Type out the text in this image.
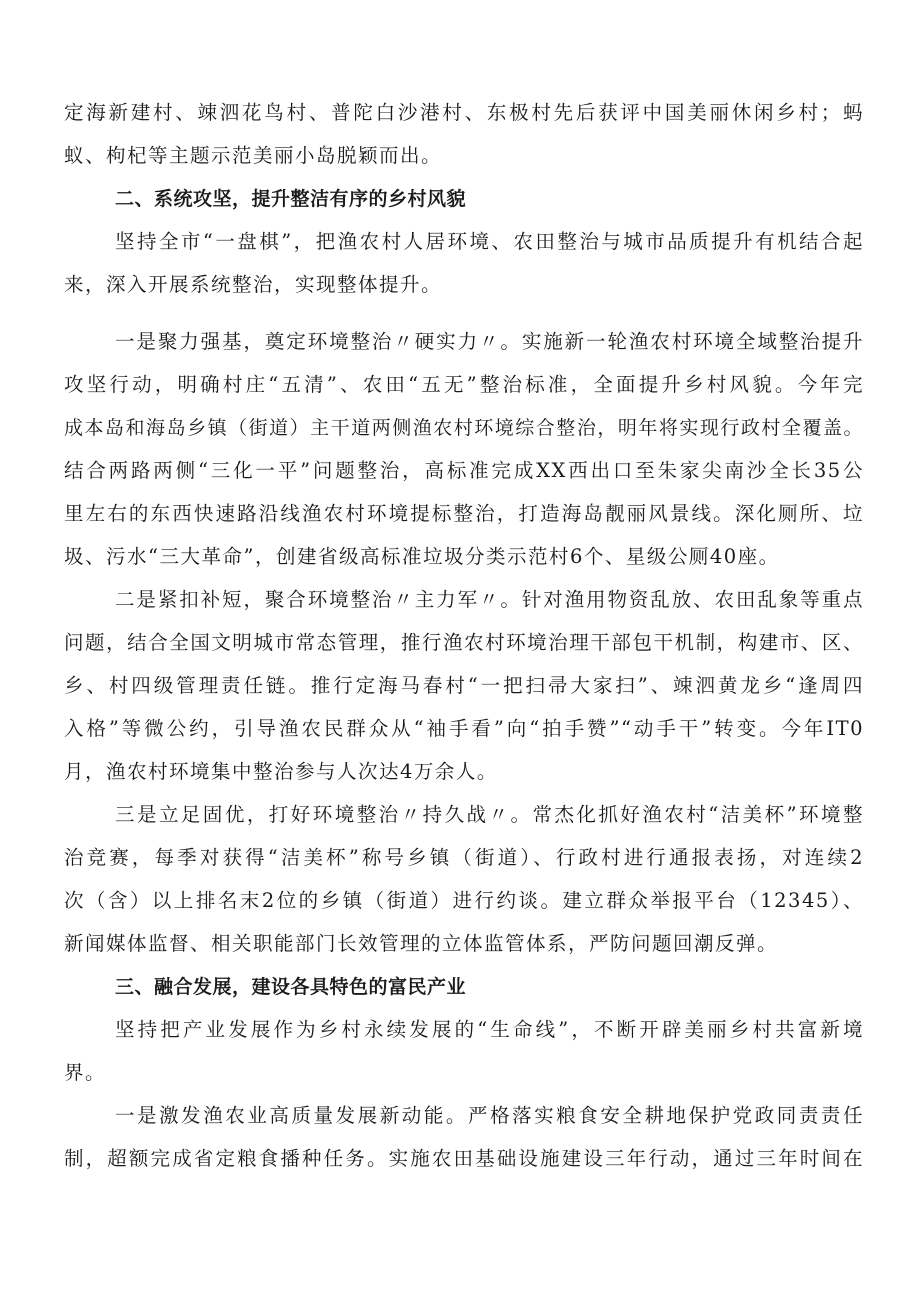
定海新建村、竦泗花鸟村、普陀白沙港村、东极村先后获评中国美丽休闲乡村；蚂
蚁、枸杞等主题示范美丽小岛脱颖而出。
二、系统攻坚，提升整洁有序的乡村风貌
坚持全市“一盘棋”，把渔农村人居环境、农田整治与城市品质提升有机结合起
来，深入开展系统整治，实现整体提升。
一是聚力强基，奠定环境整治〃硬实力〃。实施新一轮渔农村环境全域整治提升
攻坚行动，明确村庄“五清”、农田“五无”整治标准，全面提升乡村风貌。今年完
成本岛和海岛乡镇（街道）主干道两侧渔农村环境综合整治，明年将实现行政村全覆盖。
结合两路两侧“三化一平”问题整治，高标准完成XX西出口至朱家尖南沙全长35公
里左右的东西快速路沿线渔农村环境提标整治，打造海岛靓丽风景线。深化厕所、垃
圾、污水“三大革命”，创建省级高标准垃圾分类示范村6个、星级公厕40座。
二是紧扣补短，聚合环境整治〃主力军〃。针对渔用物资乱放、农田乱象等重点
问题，结合全国文明城市常态管理，推行渔农村环境治理干部包干机制，构建市、区、
乡、村四级管理责任链。推行定海马春村“一把扫帚大家扫”、竦泗黄龙乡“逢周四
入格”等微公约，引导渔农民群众从“袖手看”向“拍手赞”“动手干”转变。今年IT0
月，渔农村环境集中整治参与人次达4万余人。
三是立足固优，打好环境整治〃持久战〃。常杰化抓好渔农村“洁美杯”环境整
治竞赛，每季对获得“洁美杯”称号乡镇（街道）、行政村进行通报表扬，对连续2
次（含）以上排名末2位的乡镇（街道）进行约谈。建立群众举报平台（12345）、
新闻媒体监督、相关职能部门长效管理的立体监管体系，严防问题回潮反弹。
三、融合发展，建设各具特色的富民产业
坚持把产业发展作为乡村永续发展的“生命线”，不断开辟美丽乡村共富新境
界。
一是激发渔农业高质量发展新动能。严格落实粮食安全耕地保护党政同责责任
制，超额完成省定粮食播种任务。实施农田基础设施建设三年行动，通过三年时间在
